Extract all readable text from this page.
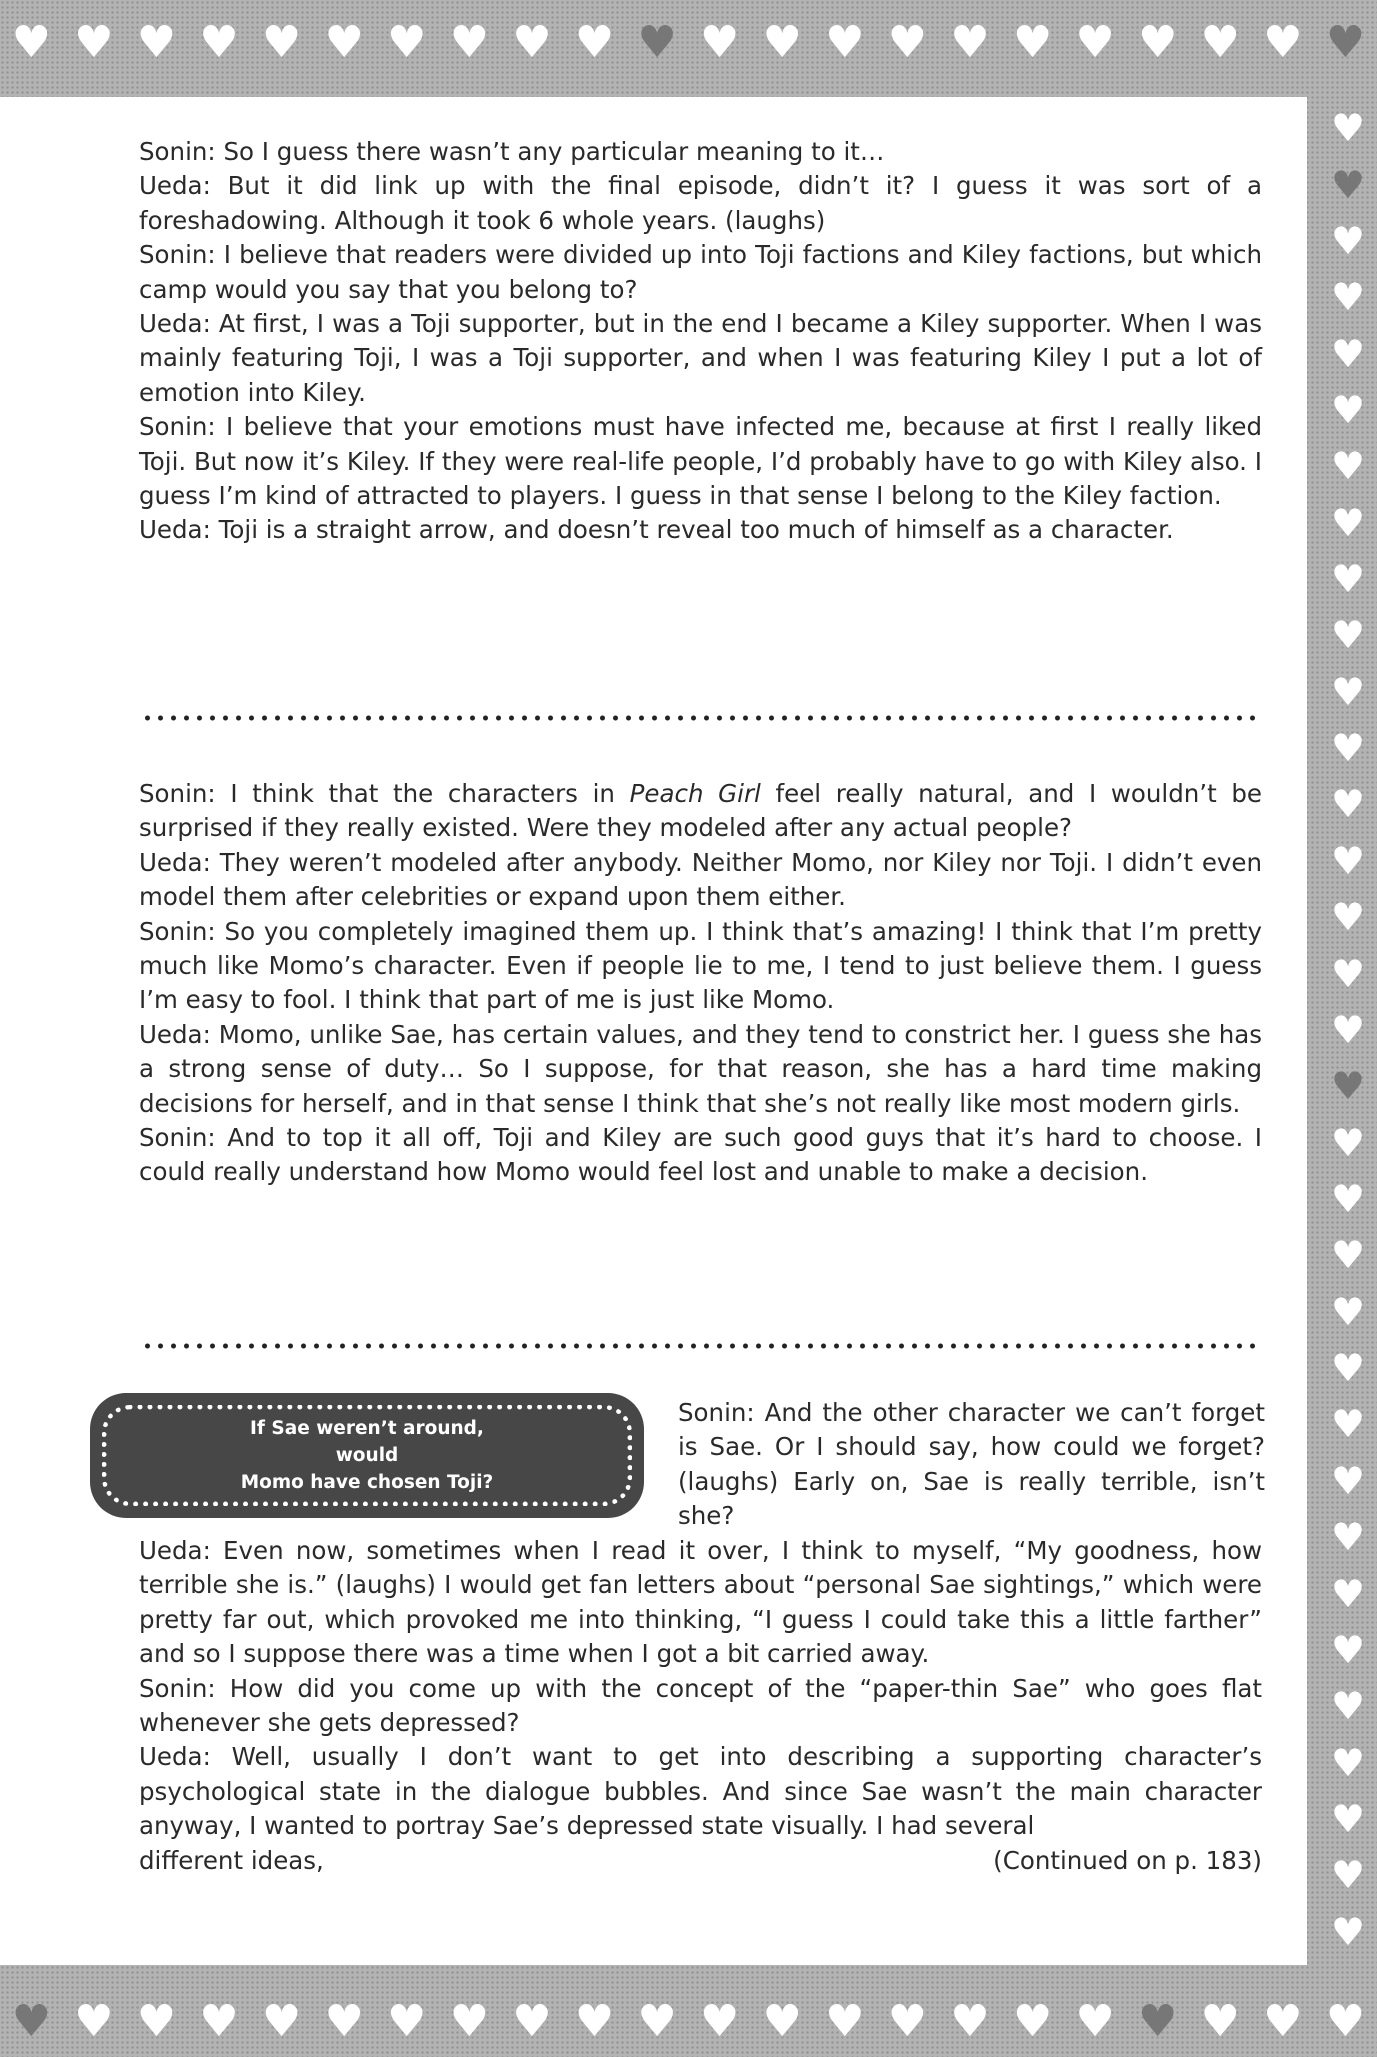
♥ ♥ ♥ ♥ ♥ ♥ ♥ ♥ ♥ ♥ ♥ ♥ ♥ ♥ ♥ ♥ ♥ ♥ ♥ ♥ ♥ ♥
♥ ♥ ♥ ♥ ♥ ♥ ♥ ♥ ♥ ♥ ♥ ♥ ♥ ♥ ♥ ♥ ♥ ♥ ♥ ♥ ♥ ♥
♥
♥
♥
♥
♥
♥
♥
♥
♥
♥
♥
♥
♥
♥
♥
♥
♥
♥
♥
♥
♥
♥
♥
♥
♥
♥
♥
♥
♥
♥
♥
♥
♥

Sonin: So I guess there wasn’t any particular meaning to it…

Ueda: But it did link up with the final episode, didn’t it? I guess it was sort of a foreshadowing. Although it took 6 whole years. (laughs)

Sonin: I believe that readers were divided up into Toji factions and Kiley factions, but which camp would you say that you belong to?

Ueda: At first, I was a Toji supporter, but in the end I became a Kiley supporter. When I was mainly featuring Toji, I was a Toji supporter, and when I was featuring Kiley I put a lot of emotion into Kiley.

Sonin: I believe that your emotions must have infected me, because at first I really liked Toji. But now it’s Kiley. If they were real-life people, I’d probably have to go with Kiley also. I guess I’m kind of attracted to players. I guess in that sense I belong to the Kiley faction.

Ueda: Toji is a straight arrow, and doesn’t reveal too much of himself as a character.

Sonin: I think that the characters in Peach Girl feel really natural, and I wouldn’t be surprised if they really existed. Were they modeled after any actual people?

Ueda: They weren’t modeled after anybody. Neither Momo, nor Kiley nor Toji. I didn’t even model them after celebrities or expand upon them either.

Sonin: So you completely imagined them up. I think that’s amazing! I think that I’m pretty much like Momo’s character. Even if people lie to me, I tend to just believe them. I guess I’m easy to fool. I think that part of me is just like Momo.

Ueda: Momo, unlike Sae, has certain values, and they tend to constrict her. I guess she has a strong sense of duty… So I suppose, for that reason, she has a hard time making decisions for herself, and in that sense I think that she’s not really like most modern girls.

Sonin: And to top it all off, Toji and Kiley are such good guys that it’s hard to choose. I could really understand how Momo would feel lost and unable to make a decision.

If Sae weren’t around, would
Momo have chosen Toji?

Sonin: And the other character we can’t forget is Sae. Or I should say, how could we forget? (laughs) Early on, Sae is really terrible, isn’t she?

Ueda: Even now, sometimes when I read it over, I think to myself, “My goodness, how terrible she is.” (laughs) I would get fan letters about “personal Sae sightings,” which were pretty far out, which provoked me into thinking, “I guess I could take this a little farther” and so I suppose there was a time when I got a bit carried away.

Sonin: How did you come up with the concept of the “paper-thin Sae” who goes flat whenever she gets depressed?

Ueda: Well, usually I don’t want to get into describing a supporting character’s psychological state in the dialogue bubbles. And since Sae wasn’t the main character anyway, I wanted to portray Sae’s depressed state visually. I had several

different ideas,	(Continued on p. 183)
